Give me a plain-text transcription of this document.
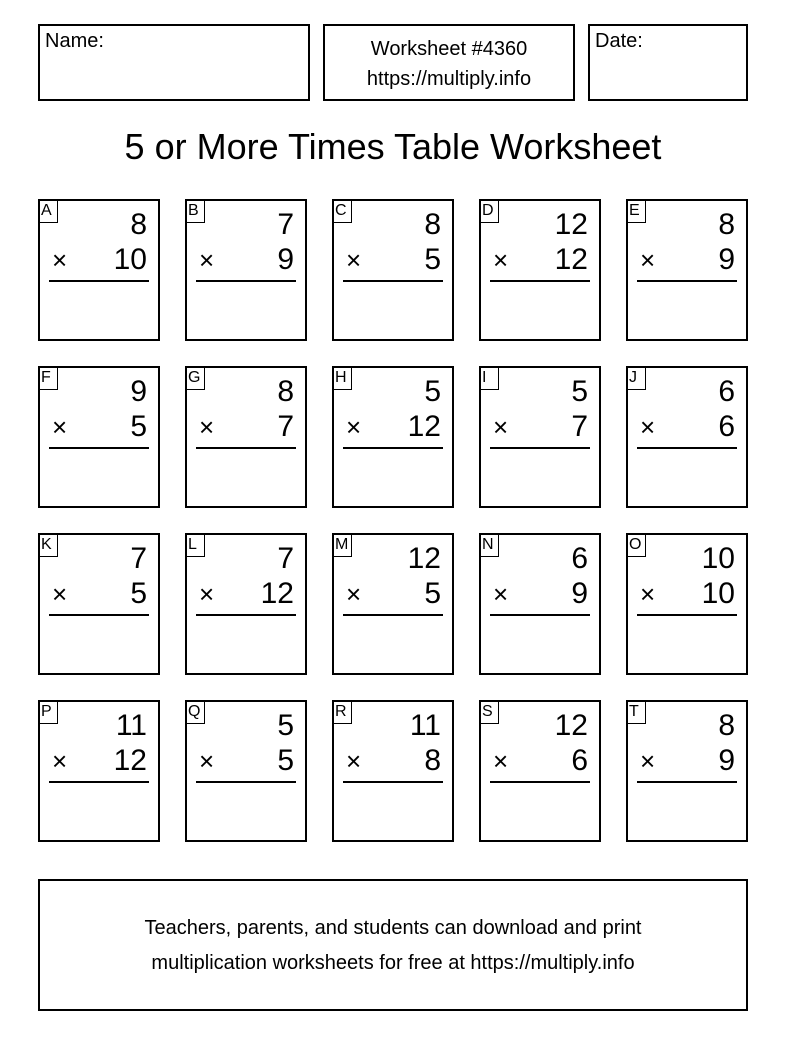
Name:	Worksheet #4360
https://multiply.info
Date:
5 or More Times Table Worksheet
A	8
× 10
B	7
× 9
C	8
× 5
D 12
× 12
E	8
× 9
F	9
× 5
G	8
× 7
H	5
× 12
I	5
× 7
J	6
× 6
K	7
× 5
L	7
× 12
M 12
× 5
N	6
× 9
O 10
× 10
P 11
× 12
Q	5
× 5
R 11
× 8
S 12
× 6
T	8
× 9
Teachers, parents, and students can download and print
multiplication worksheets for free at https://multiply.info
